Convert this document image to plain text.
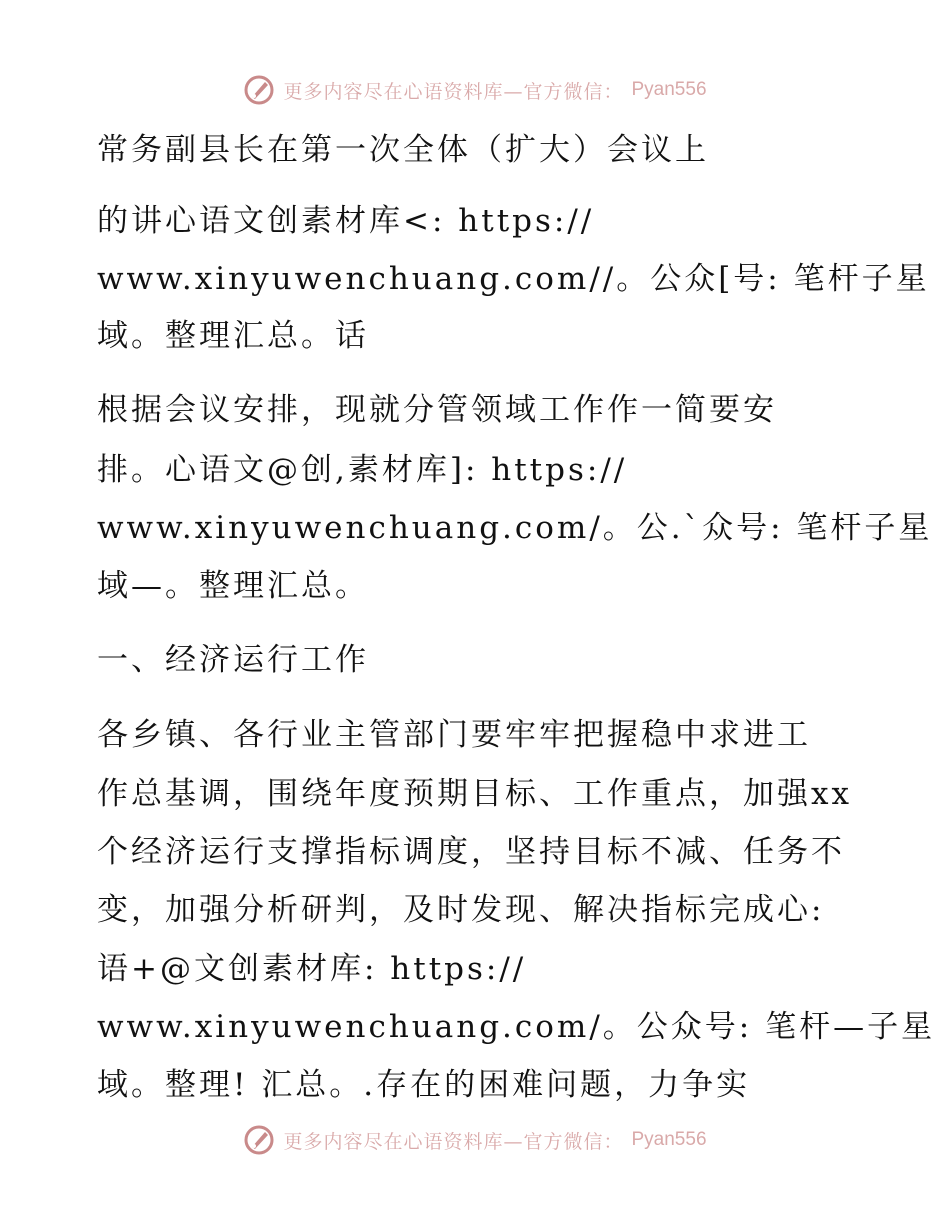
更多内容尽在心语资料库—官方微信： Pyan556
常务副县长在第一次全体（扩大）会议上
的讲心语文创素材库<: https://
www.xinyuwenchuang.com//。公众[号: 笔杆子星
域。整理汇总。话
根据会议安排，现就分管领域工作作一简要安
排。心语文@创,素材库]: https://
www.xinyuwenchuang.com/。公.`众号: 笔杆子星
域—。整理汇总。
一、经济运行工作
各乡镇、各行业主管部门要牢牢把握稳中求进工
作总基调，围绕年度预期目标、工作重点，加强xx
个经济运行支撑指标调度，坚持目标不减、任务不
变，加强分析研判，及时发现、解决指标完成心:
语+@文创素材库: https://
www.xinyuwenchuang.com/。公众号: 笔杆—子星
域。整理! 汇总。.存在的困难问题，力争实
更多内容尽在心语资料库—官方微信： Pyan556
